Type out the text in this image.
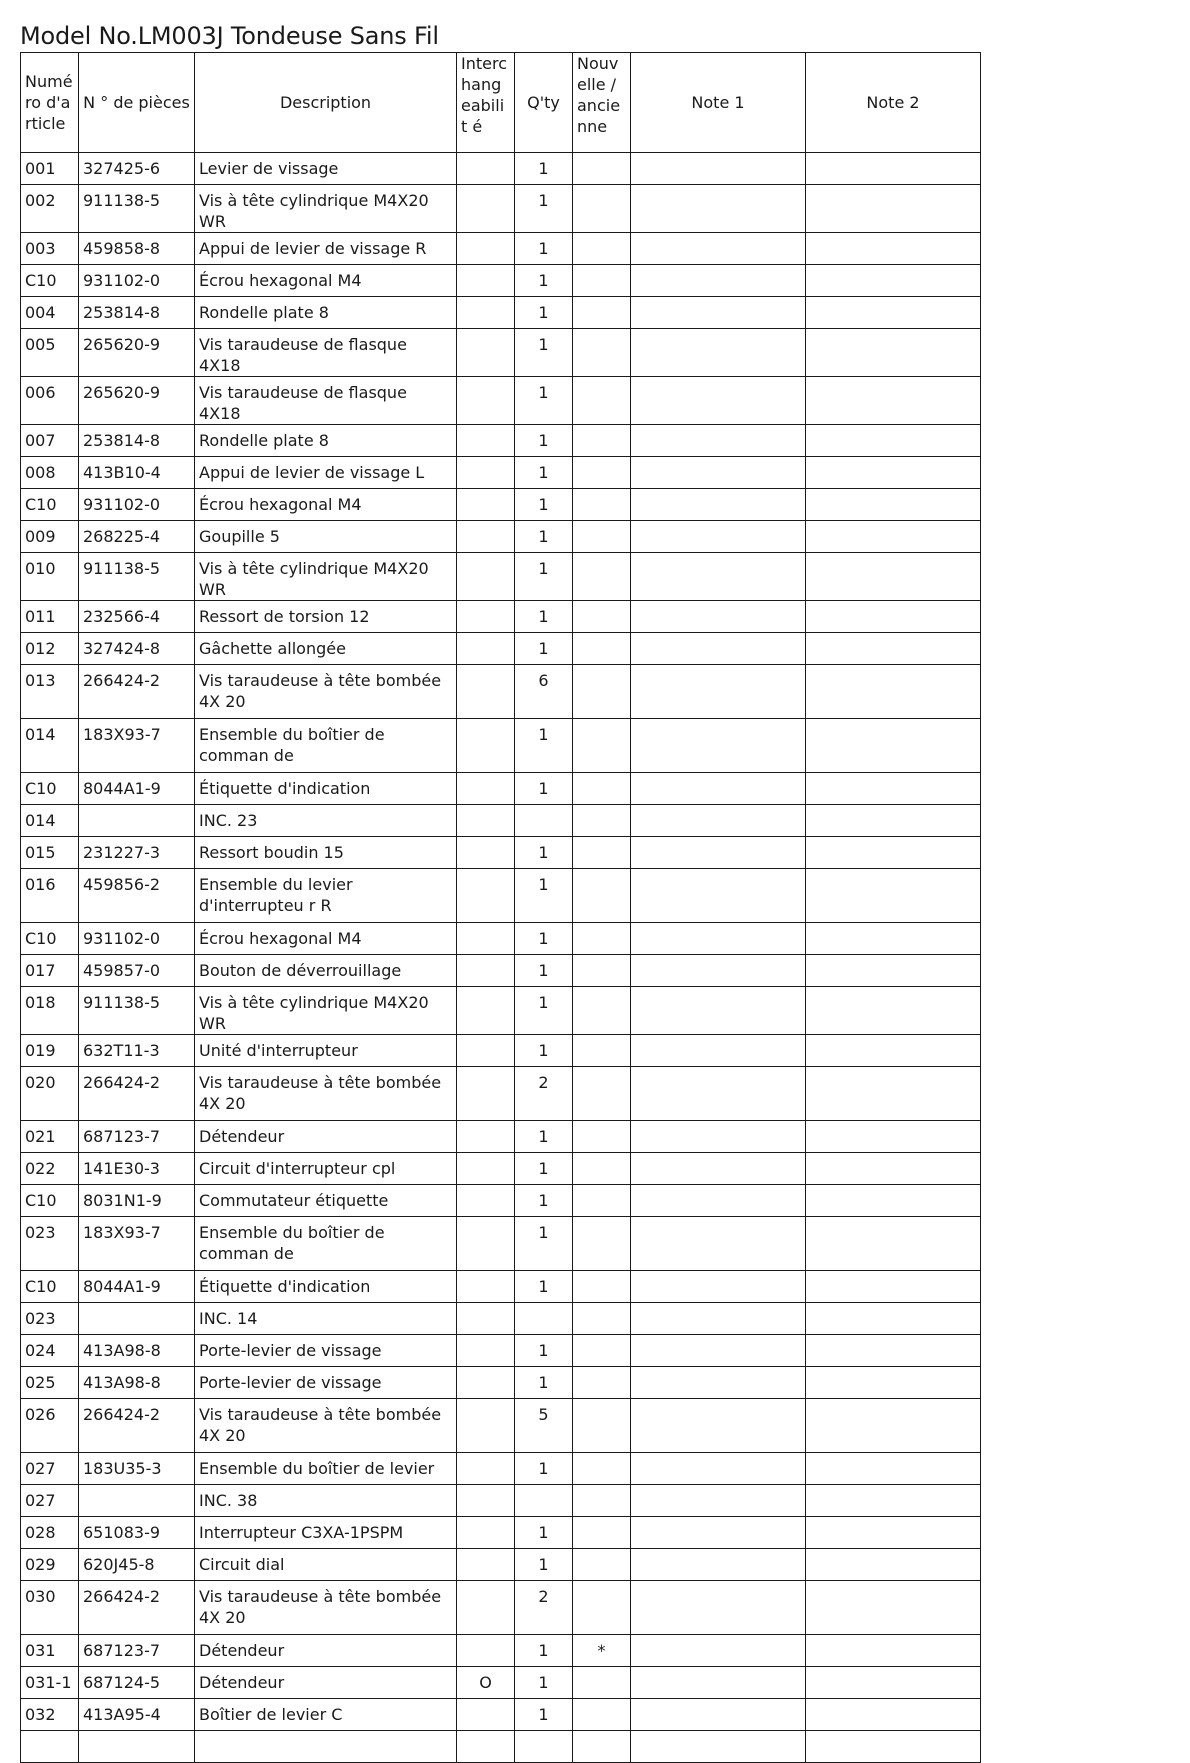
Model No.LM003J Tondeuse Sans Fil
Numé ro d'a rticle	N ° de pièces	Description	Interc hang eabilit é	Q'ty	Nouv elle / ancie nne	Note 1	Note 2
001	327425-6	Levier de vissage		1			
002	911138-5	Vis à tête cylindrique M4X20 WR		1			
003	459858-8	Appui de levier de vissage R		1			
C10	931102-0	Écrou hexagonal M4		1			
004	253814-8	Rondelle plate 8		1			
005	265620-9	Vis taraudeuse de flasque 4X18		1			
006	265620-9	Vis taraudeuse de flasque 4X18		1			
007	253814-8	Rondelle plate 8		1			
008	413B10-4	Appui de levier de vissage L		1			
C10	931102-0	Écrou hexagonal M4		1			
009	268225-4	Goupille 5		1			
010	911138-5	Vis à tête cylindrique M4X20 WR		1			
011	232566-4	Ressort de torsion 12		1			
012	327424-8	Gâchette allongée		1			
013	266424-2	Vis taraudeuse à tête bombée 4X 20		6			
014	183X93-7	Ensemble du boîtier de comman de		1			
C10	8044A1-9	Étiquette d'indication		1			
014		INC. 23					
015	231227-3	Ressort boudin 15		1			
016	459856-2	Ensemble du levier d'interrupteu r R		1			
C10	931102-0	Écrou hexagonal M4		1			
017	459857-0	Bouton de déverrouillage		1			
018	911138-5	Vis à tête cylindrique M4X20 WR		1			
019	632T11-3	Unité d'interrupteur		1			
020	266424-2	Vis taraudeuse à tête bombée 4X 20		2			
021	687123-7	Détendeur		1			
022	141E30-3	Circuit d'interrupteur cpl		1			
C10	8031N1-9	Commutateur étiquette		1			
023	183X93-7	Ensemble du boîtier de comman de		1			
C10	8044A1-9	Étiquette d'indication		1			
023		INC. 14					
024	413A98-8	Porte-levier de vissage		1			
025	413A98-8	Porte-levier de vissage		1			
026	266424-2	Vis taraudeuse à tête bombée 4X 20		5			
027	183U35-3	Ensemble du boîtier de levier		1			
027		INC. 38					
028	651083-9	Interrupteur C3XA-1PSPM		1			
029	620J45-8	Circuit dial		1			
030	266424-2	Vis taraudeuse à tête bombée 4X 20		2			
031	687123-7	Détendeur		1	*		
031-1	687124-5	Détendeur	O	1			
032	413A95-4	Boîtier de levier C		1			
